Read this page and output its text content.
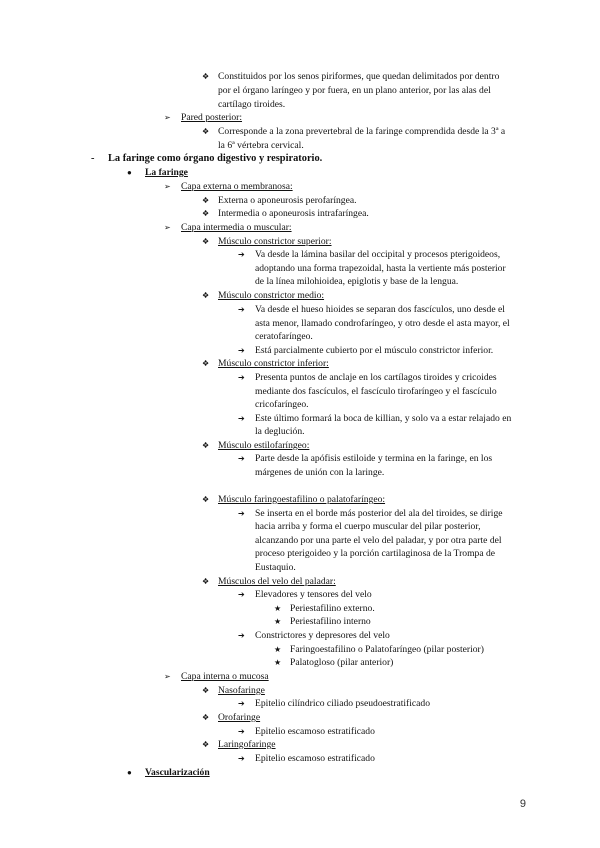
❖ Constituidos por los senos piriformes, que quedan delimitados por dentro
por el órgano laríngeo y por fuera, en un plano anterior, por las alas del
cartílago tiroides.
➢ Pared posterior:
❖ Corresponde a la zona prevertebral de la faringe comprendida desde la 3ª a
la 6ª vértebra cervical.
- La faringe como órgano digestivo y respiratorio.
● La faringe
➢ Capa externa o membranosa:
❖ Externa o aponeurosis perofaríngea.
❖ Intermedia o aponeurosis intrafaríngea.
➢ Capa intermedia o muscular:
❖ Músculo constrictor superior:
➔ Va desde la lámina basilar del occipital y procesos pterigoideos,
adoptando una forma trapezoidal, hasta la vertiente más posterior
de la línea milohioidea, epiglotis y base de la lengua.
❖ Músculo constrictor medio:
➔ Va desde el hueso hioides se separan dos fascículos, uno desde el
asta menor, llamado condrofaríngeo, y otro desde el asta mayor, el
ceratofaríngeo.
➔ Está parcialmente cubierto por el músculo constrictor inferior.
❖ Músculo constrictor inferior:
➔ Presenta puntos de anclaje en los cartílagos tiroides y cricoides
mediante dos fascículos, el fascículo tirofaríngeo y el fascículo
cricofaríngeo.
➔ Este último formará la boca de killian, y solo va a estar relajado en
la deglución.
❖ Músculo estilofaríngeo:
➔ Parte desde la apófisis estiloide y termina en la faringe, en los
márgenes de unión con la laringe.
❖ Músculo faringoestafilino o palatofaríngeo:
➔ Se inserta en el borde más posterior del ala del tiroides, se dirige
hacia arriba y forma el cuerpo muscular del pilar posterior,
alcanzando por una parte el velo del paladar, y por otra parte del
proceso pterigoideo y la porción cartilaginosa de la Trompa de
Eustaquio.
❖ Músculos del velo del paladar:
➔ Elevadores y tensores del velo
★ Periestafilino externo.
★ Periestafilino interno
➔ Constrictores y depresores del velo
★ Faringoestafilino o Palatofaríngeo (pilar posterior)
★ Palatogloso (pilar anterior)
➢ Capa interna o mucosa
❖ Nasofaringe
➔ Epitelio cilíndrico ciliado pseudoestratificado
❖ Orofaringe
➔ Epitelio escamoso estratificado
❖ Laringofaringe
➔ Epitelio escamoso estratificado
● Vascularización
9
